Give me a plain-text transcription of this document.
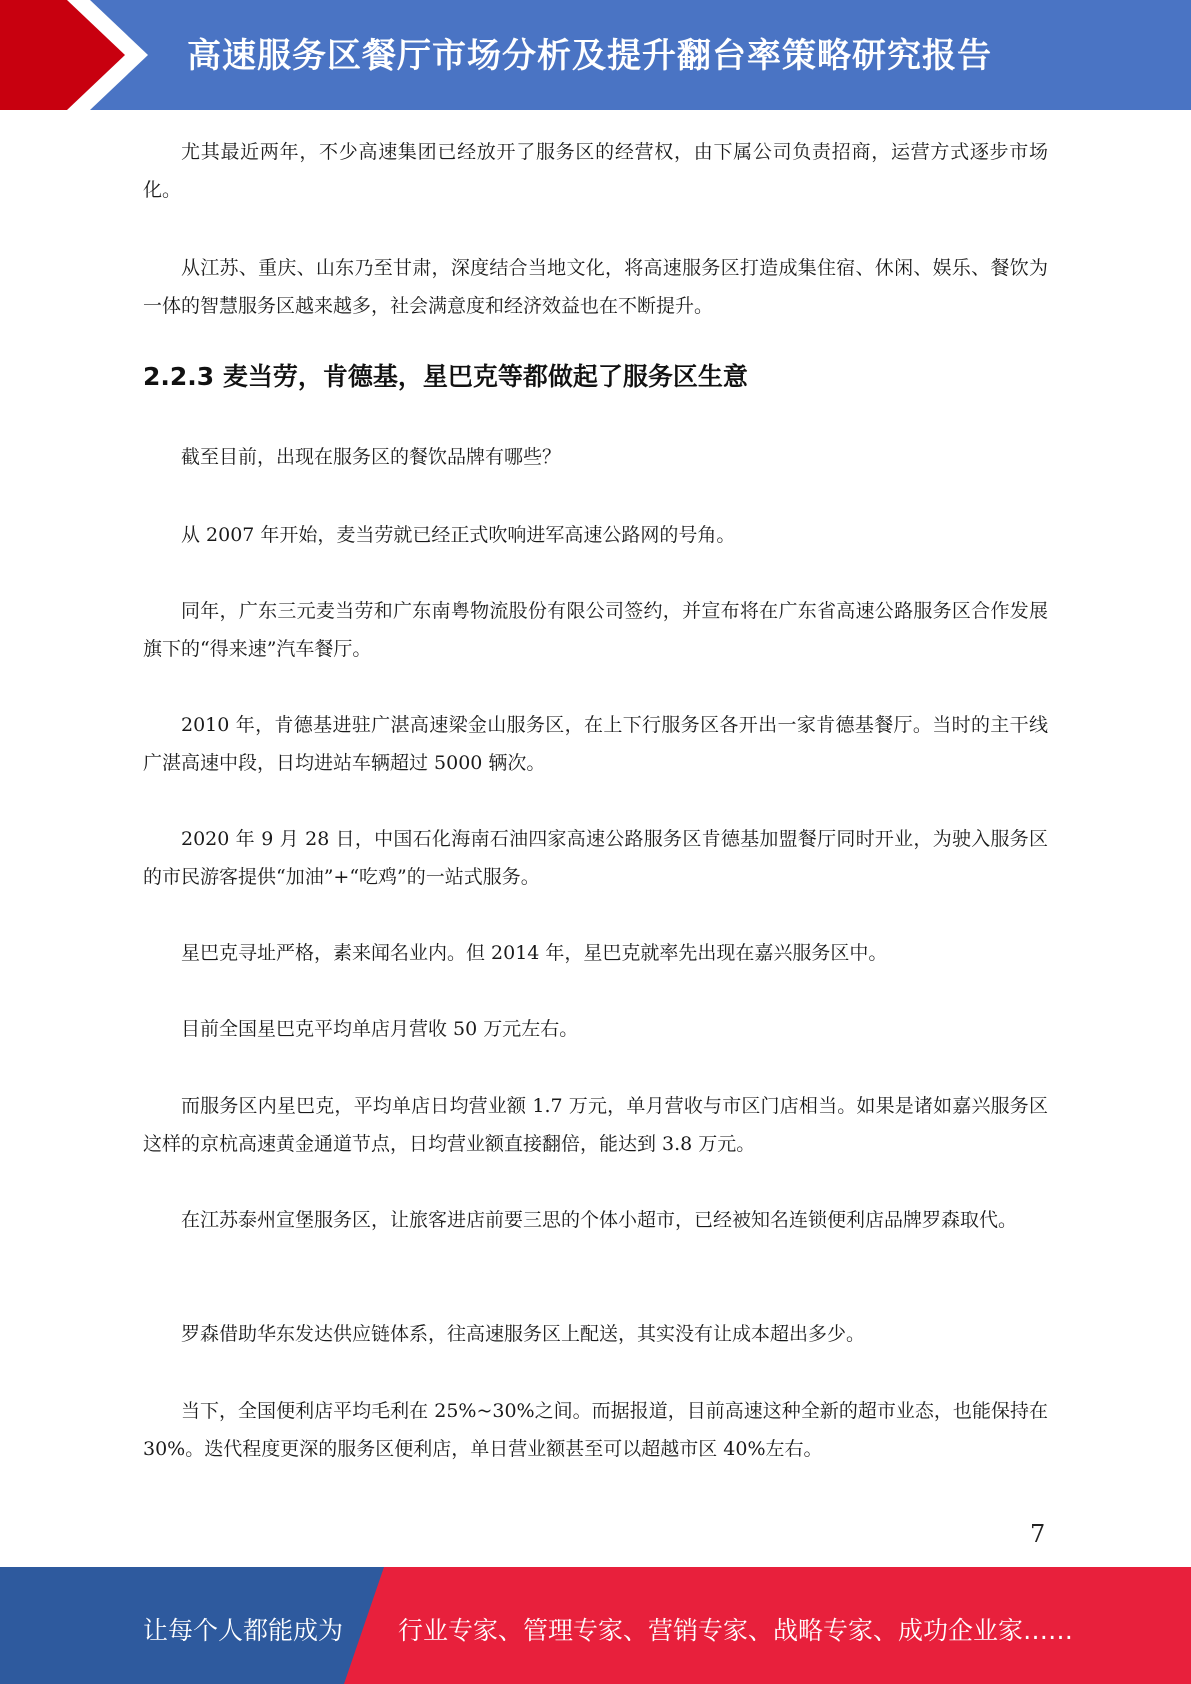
高速服务区餐厅市场分析及提升翻台率策略研究报告

尤其最近两年，不少高速集团已经放开了服务区的经营权，由下属公司负责招商，运营方式逐步市场化。

从江苏、重庆、山东乃至甘肃，深度结合当地文化，将高速服务区打造成集住宿、休闲、娱乐、餐饮为一体的智慧服务区越来越多，社会满意度和经济效益也在不断提升。

2.2.3 麦当劳，肯德基，星巴克等都做起了服务区生意

截至目前，出现在服务区的餐饮品牌有哪些？

从 2007 年开始，麦当劳就已经正式吹响进军高速公路网的号角。

同年，广东三元麦当劳和广东南粤物流股份有限公司签约，并宣布将在广东省高速公路服务区合作发展旗下的“得来速”汽车餐厅。

2010 年，肯德基进驻广湛高速梁金山服务区，在上下行服务区各开出一家肯德基餐厅。当时的主干线广湛高速中段，日均进站车辆超过 5000 辆次。

2020 年 9 月 28 日，中国石化海南石油四家高速公路服务区肯德基加盟餐厅同时开业，为驶入服务区的市民游客提供“加油”+“吃鸡”的一站式服务。

星巴克寻址严格，素来闻名业内。但 2014 年，星巴克就率先出现在嘉兴服务区中。

目前全国星巴克平均单店月营收 50 万元左右。

而服务区内星巴克，平均单店日均营业额 1.7 万元，单月营收与市区门店相当。如果是诸如嘉兴服务区这样的京杭高速黄金通道节点，日均营业额直接翻倍，能达到 3.8 万元。

在江苏泰州宣堡服务区，让旅客进店前要三思的个体小超市，已经被知名连锁便利店品牌罗森取代。

罗森借助华东发达供应链体系，往高速服务区上配送，其实没有让成本超出多少。

当下，全国便利店平均毛利在 25%~30%之间。而据报道，目前高速这种全新的超市业态，也能保持在 30%。迭代程度更深的服务区便利店，单日营业额甚至可以超越市区 40%左右。

7
让每个人都能成为 行业专家、管理专家、营销专家、战略专家、成功企业家……
